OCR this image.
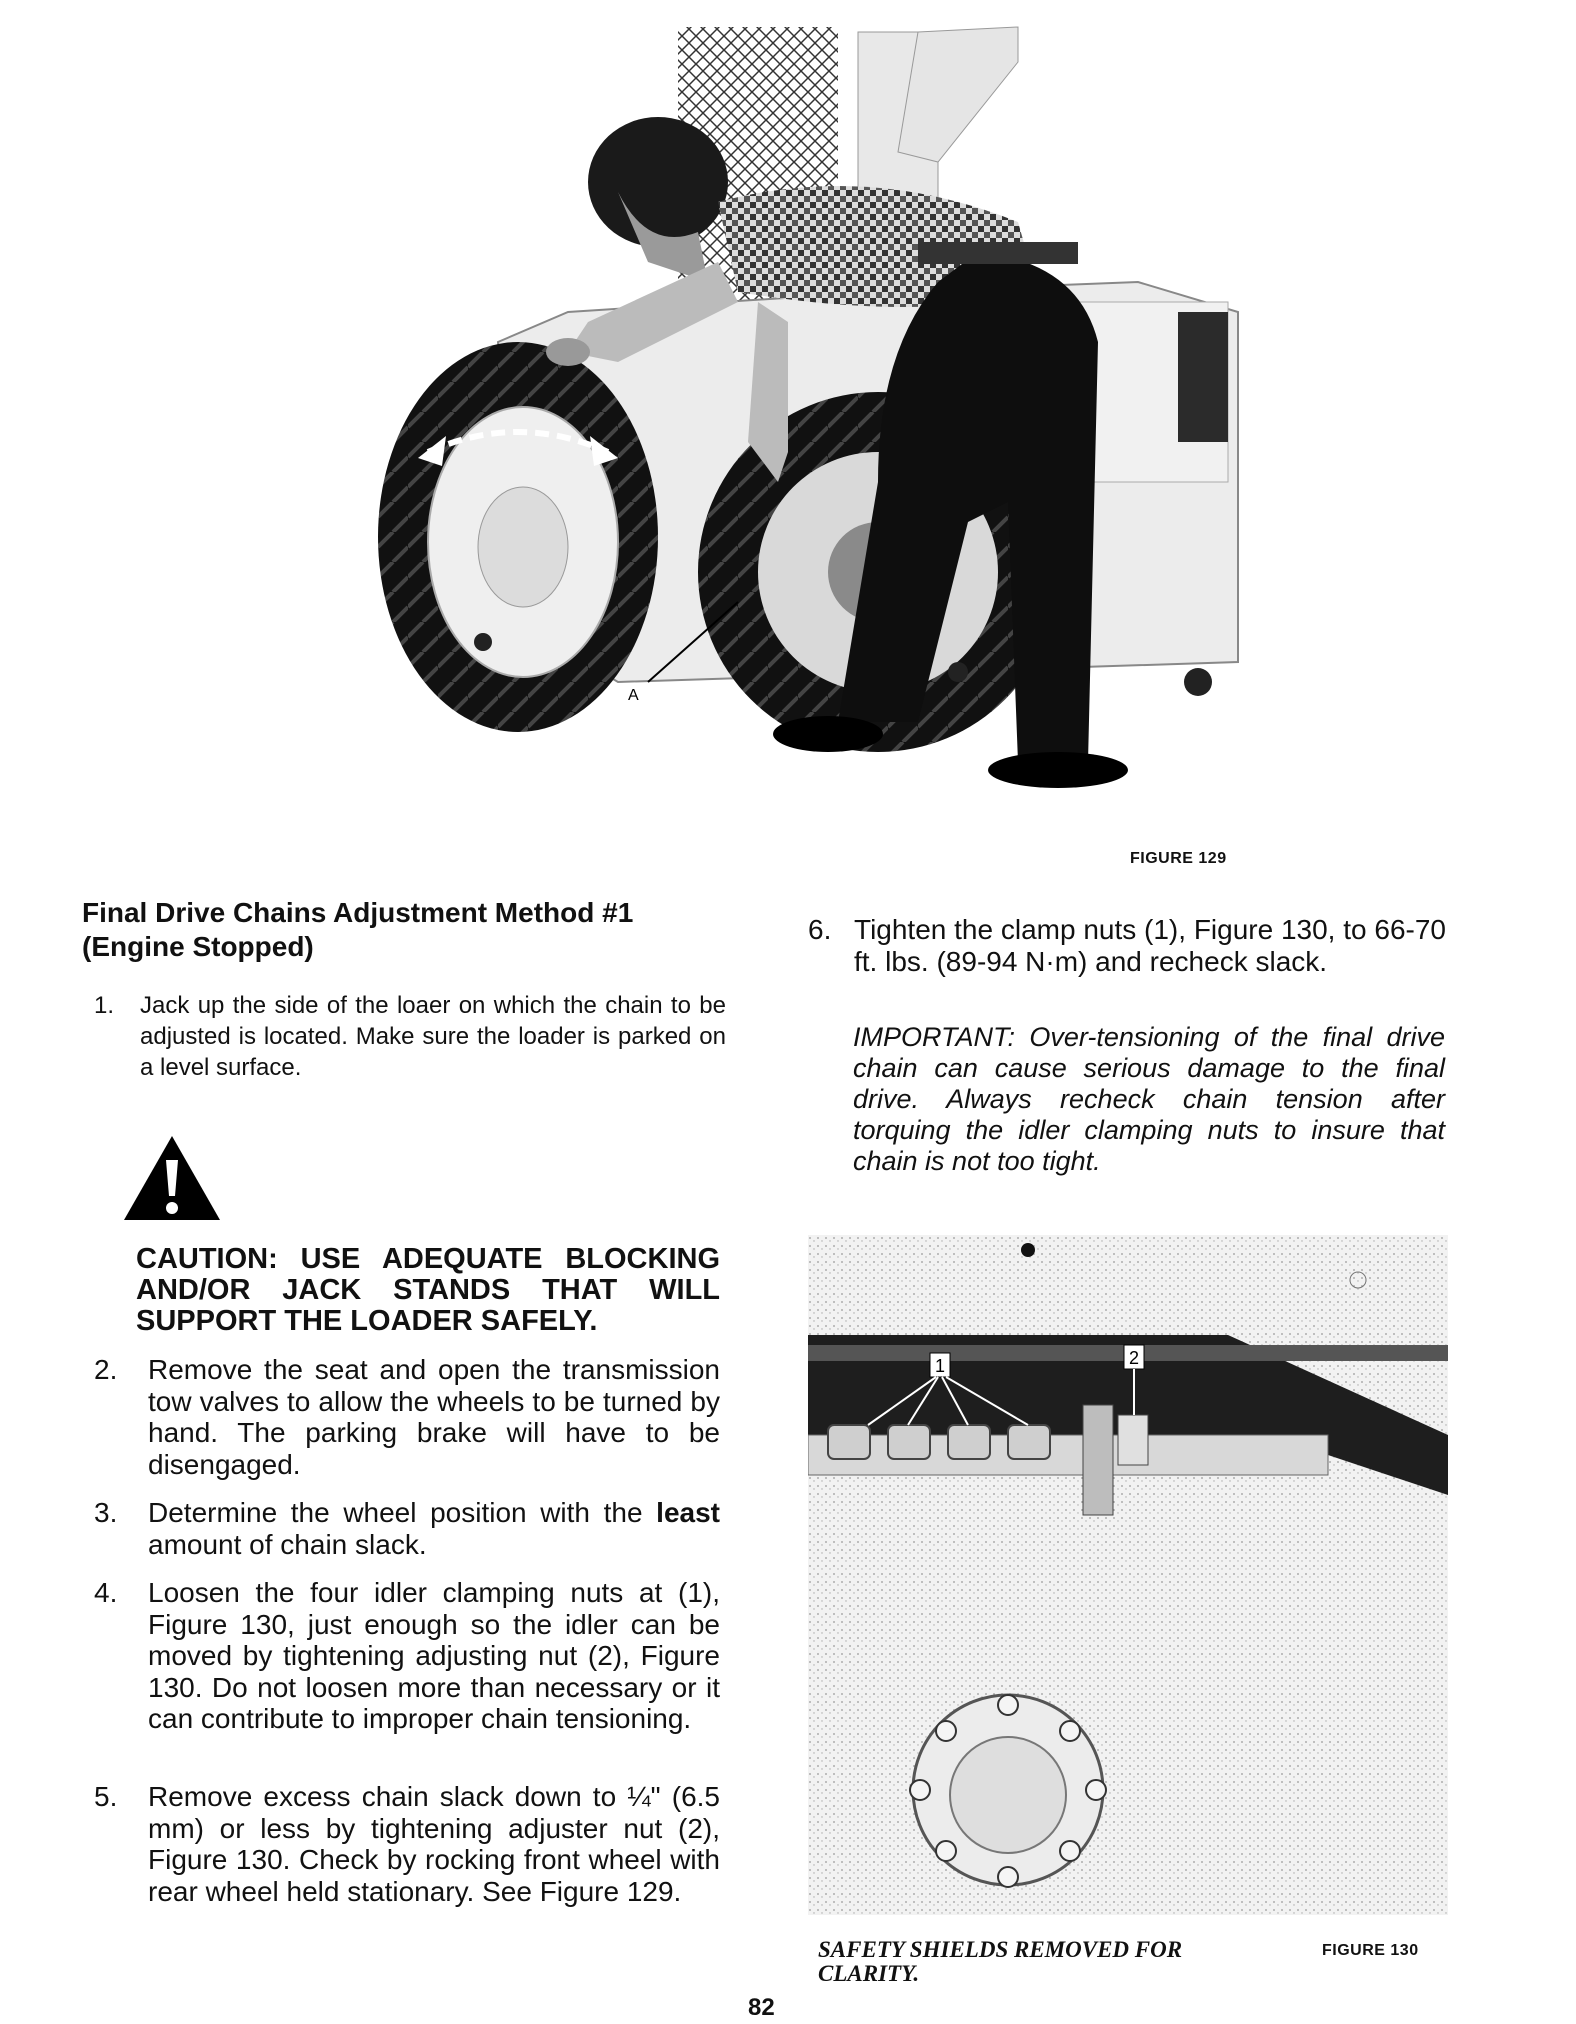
A
FIGURE 129
Final Drive Chains Adjustment Method #1
(Engine Stopped)
1. Jack up the side of the loaer on which the chain to be adjusted is located. Make sure the loader is parked on a level surface.
CAUTION: USE ADEQUATE BLOCKING AND/OR JACK STANDS THAT WILL SUPPORT THE LOADER SAFELY.
2. Remove the seat and open the transmission tow valves to allow the wheels to be turned by hand. The parking brake will have to be disengaged.
3. Determine the wheel position with the least amount of chain slack.
4. Loosen the four idler clamping nuts at (1), Figure 130, just enough so the idler can be moved by tightening adjusting nut (2), Figure 130. Do not loosen more than necessary or it can contribute to improper chain tensioning.
5. Remove excess chain slack down to ¼" (6.5 mm) or less by tightening adjuster nut (2), Figure 130. Check by rocking front wheel with rear wheel held stationary. See Figure 129.
6. Tighten the clamp nuts (1), Figure 130, to 66-70 ft. lbs. (89-94 N·m) and recheck slack.
IMPORTANT: Over-tensioning of the final drive chain can cause serious damage to the final drive. Always recheck chain tension after torquing the idler clamping nuts to insure that chain is not too tight.
1	2
SAFETY SHIELDS REMOVED FOR CLARITY.
FIGURE 130
82
